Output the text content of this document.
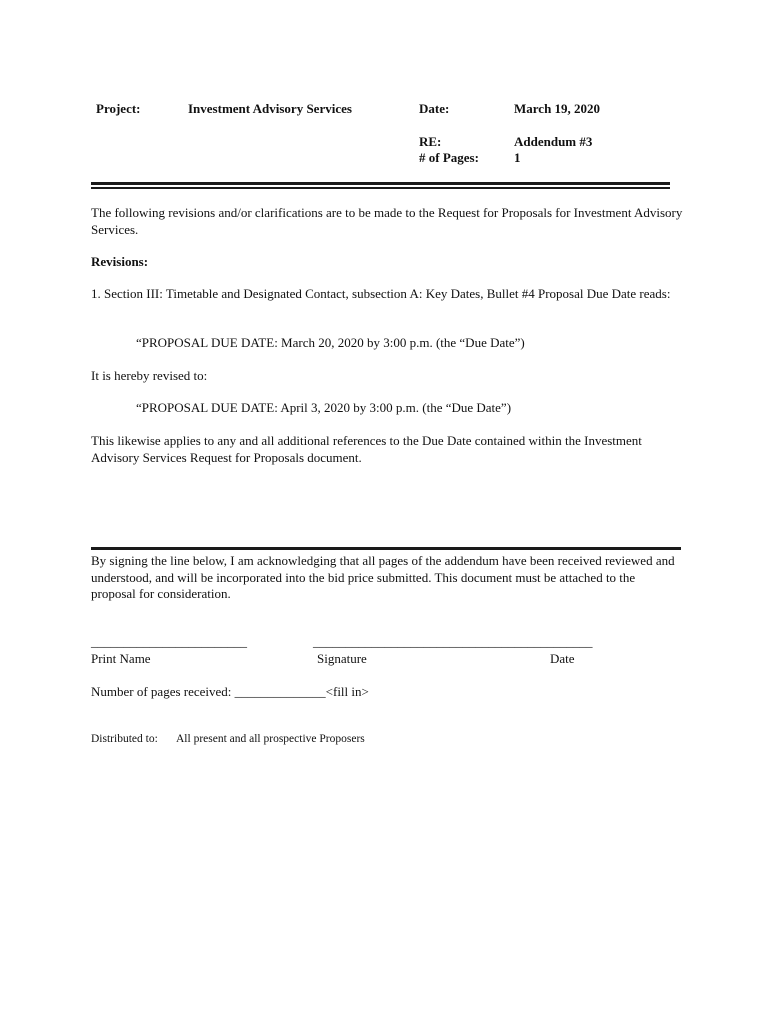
Project:	Investment Advisory Services	Date:	March 19, 2020
RE:	Addendum #3
# of Pages:	1
The following revisions and/or clarifications are to be made to the Request for Proposals for Investment Advisory Services.
Revisions:
1. Section III: Timetable and Designated Contact, subsection A: Key Dates, Bullet #4 Proposal Due Date reads:
“PROPOSAL DUE DATE: March 20, 2020 by 3:00 p.m. (the “Due Date”)
It is hereby revised to:
“PROPOSAL DUE DATE: April 3, 2020 by 3:00 p.m. (the “Due Date”)
This likewise applies to any and all additional references to the Due Date contained within the Investment Advisory Services Request for Proposals document.
By signing the line below, I am acknowledging that all pages of the addendum have been received reviewed and understood, and will be incorporated into the bid price submitted. This document must be attached to the proposal for consideration.
________________________	___________________________________________
Print Name	Signature	Date
Number of pages received: ______________<fill in>
Distributed to: All present and all prospective Proposers
